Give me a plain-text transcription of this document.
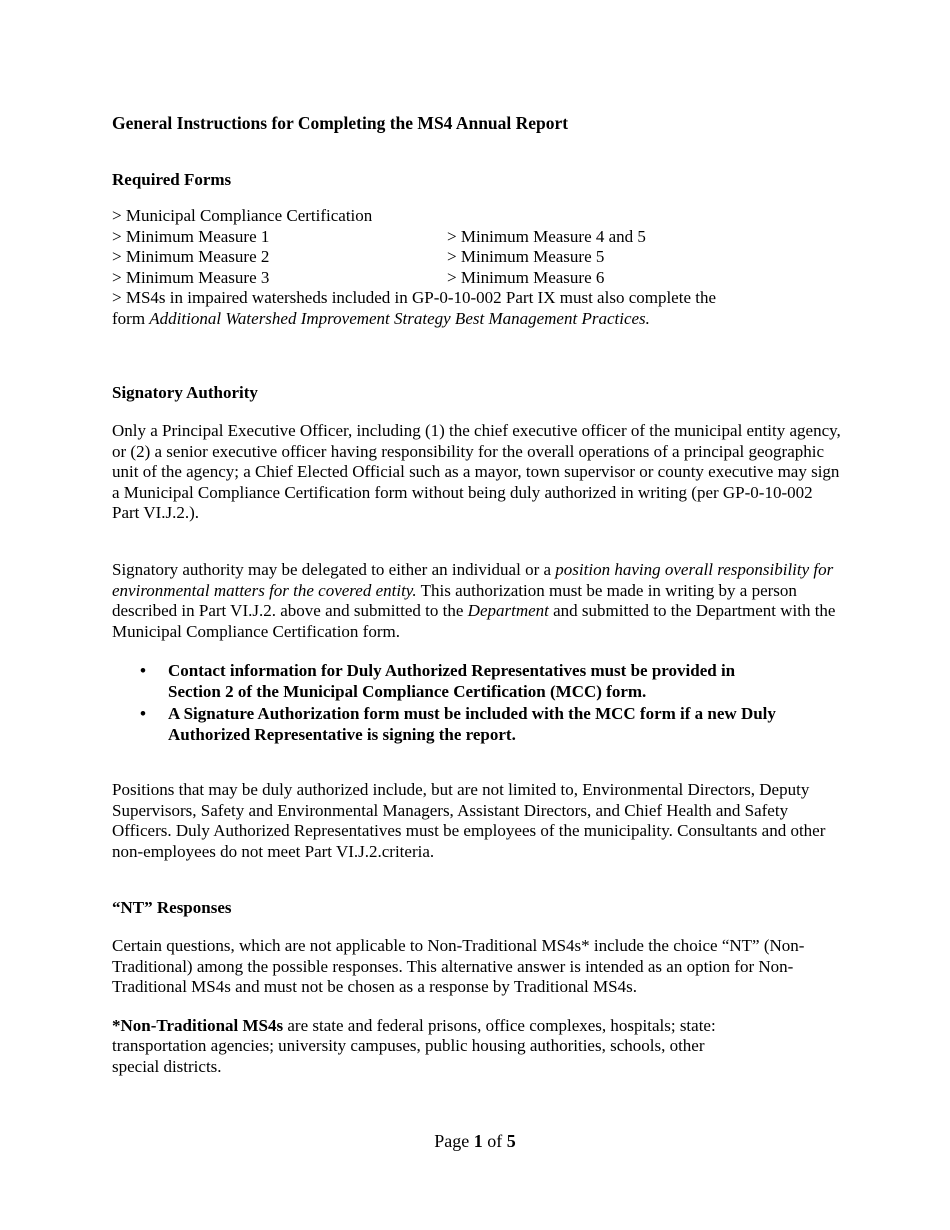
General Instructions for Completing the MS4 Annual Report
Required Forms
> Municipal Compliance Certification
> Minimum Measure 1	> Minimum Measure 4 and 5
> Minimum Measure 2	> Minimum Measure 5
> Minimum Measure 3	> Minimum Measure 6
> MS4s in impaired watersheds included in GP-0-10-002 Part IX must also complete the
form Additional Watershed Improvement Strategy Best Management Practices.
Signatory Authority
Only a Principal Executive Officer, including (1) the chief executive officer of the municipal entity agency, or (2) a senior executive officer having responsibility for the overall operations of a principal geographic unit of the agency; a Chief Elected Official such as a mayor, town supervisor or county executive may sign a Municipal Compliance Certification form without being duly authorized in writing (per GP-0-10-002 Part VI.J.2.).
Signatory authority may be delegated to either an individual or a position having overall responsibility for environmental matters for the covered entity. This authorization must be made in writing by a person described in Part VI.J.2. above and submitted to the Department and submitted to the Department with the Municipal Compliance Certification form.
• Contact information for Duly Authorized Representatives must be provided in Section 2 of the Municipal Compliance Certification (MCC) form.
• A Signature Authorization form must be included with the MCC form if a new Duly Authorized Representative is signing the report.
Positions that may be duly authorized include, but are not limited to, Environmental Directors, Deputy Supervisors, Safety and Environmental Managers, Assistant Directors, and Chief Health and Safety Officers. Duly Authorized Representatives must be employees of the municipality. Consultants and other non-employees do not meet Part VI.J.2.criteria.
“NT” Responses
Certain questions, which are not applicable to Non-Traditional MS4s* include the choice “NT” (Non-Traditional) among the possible responses. This alternative answer is intended as an option for Non-Traditional MS4s and must not be chosen as a response by Traditional MS4s.
*Non-Traditional MS4s are state and federal prisons, office complexes, hospitals; state:
transportation agencies; university campuses, public housing authorities, schools, other
special districts.
Page 1 of 5
